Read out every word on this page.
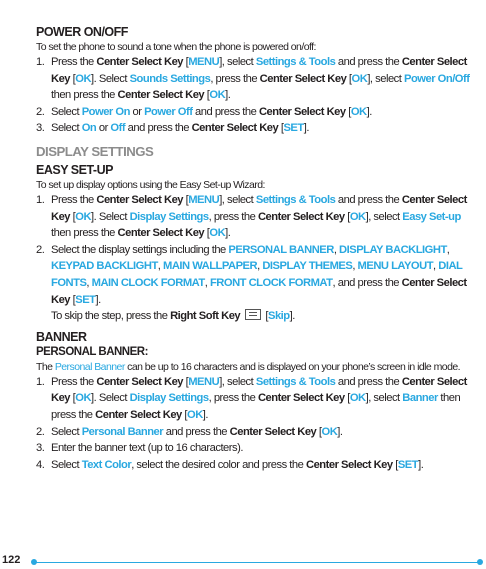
POWER ON/OFF
To set the phone to sound a tone when the phone is powered on/off:

1. Press the Center Select Key [MENU], select Settings & Tools and press the Center Select Key [OK]. Select Sounds Settings, press the Center Select Key [OK], select Power On/Off then press the Center Select Key [OK].

2. Select Power On or Power Off and press the Center Select Key [OK].

3. Select On or Off and press the Center Select Key [SET].

DISPLAY SETTINGS
EASY SET-UP
To set up display options using the Easy Set-up Wizard:

1. Press the Center Select Key [MENU], select Settings & Tools and press the Center Select Key [OK]. Select Display Settings, press the Center Select Key [OK], select Easy Set-up then press the Center Select Key [OK].

2. Select the display settings including the PERSONAL BANNER, DISPLAY BACKLIGHT, KEYPAD BACKLIGHT, MAIN WALLPAPER, DISPLAY THEMES, MENU LAYOUT, DIAL FONTS, MAIN CLOCK FORMAT, FRONT CLOCK FORMAT, and press the Center Select Key [SET].
To skip the step, press the Right Soft Key  [Skip].

BANNER
PERSONAL BANNER:
The Personal Banner can be up to 16 characters and is displayed on your phone’s screen in idle mode.

1. Press the Center Select Key [MENU], select Settings & Tools and press the Center Select Key [OK]. Select Display Settings, press the Center Select Key [OK], select Banner then press the Center Select Key [OK].

2. Select Personal Banner and press the Center Select Key [OK].

3. Enter the banner text (up to 16 characters).

4. Select Text Color, select the desired color and press the Center Select Key [SET].

122
